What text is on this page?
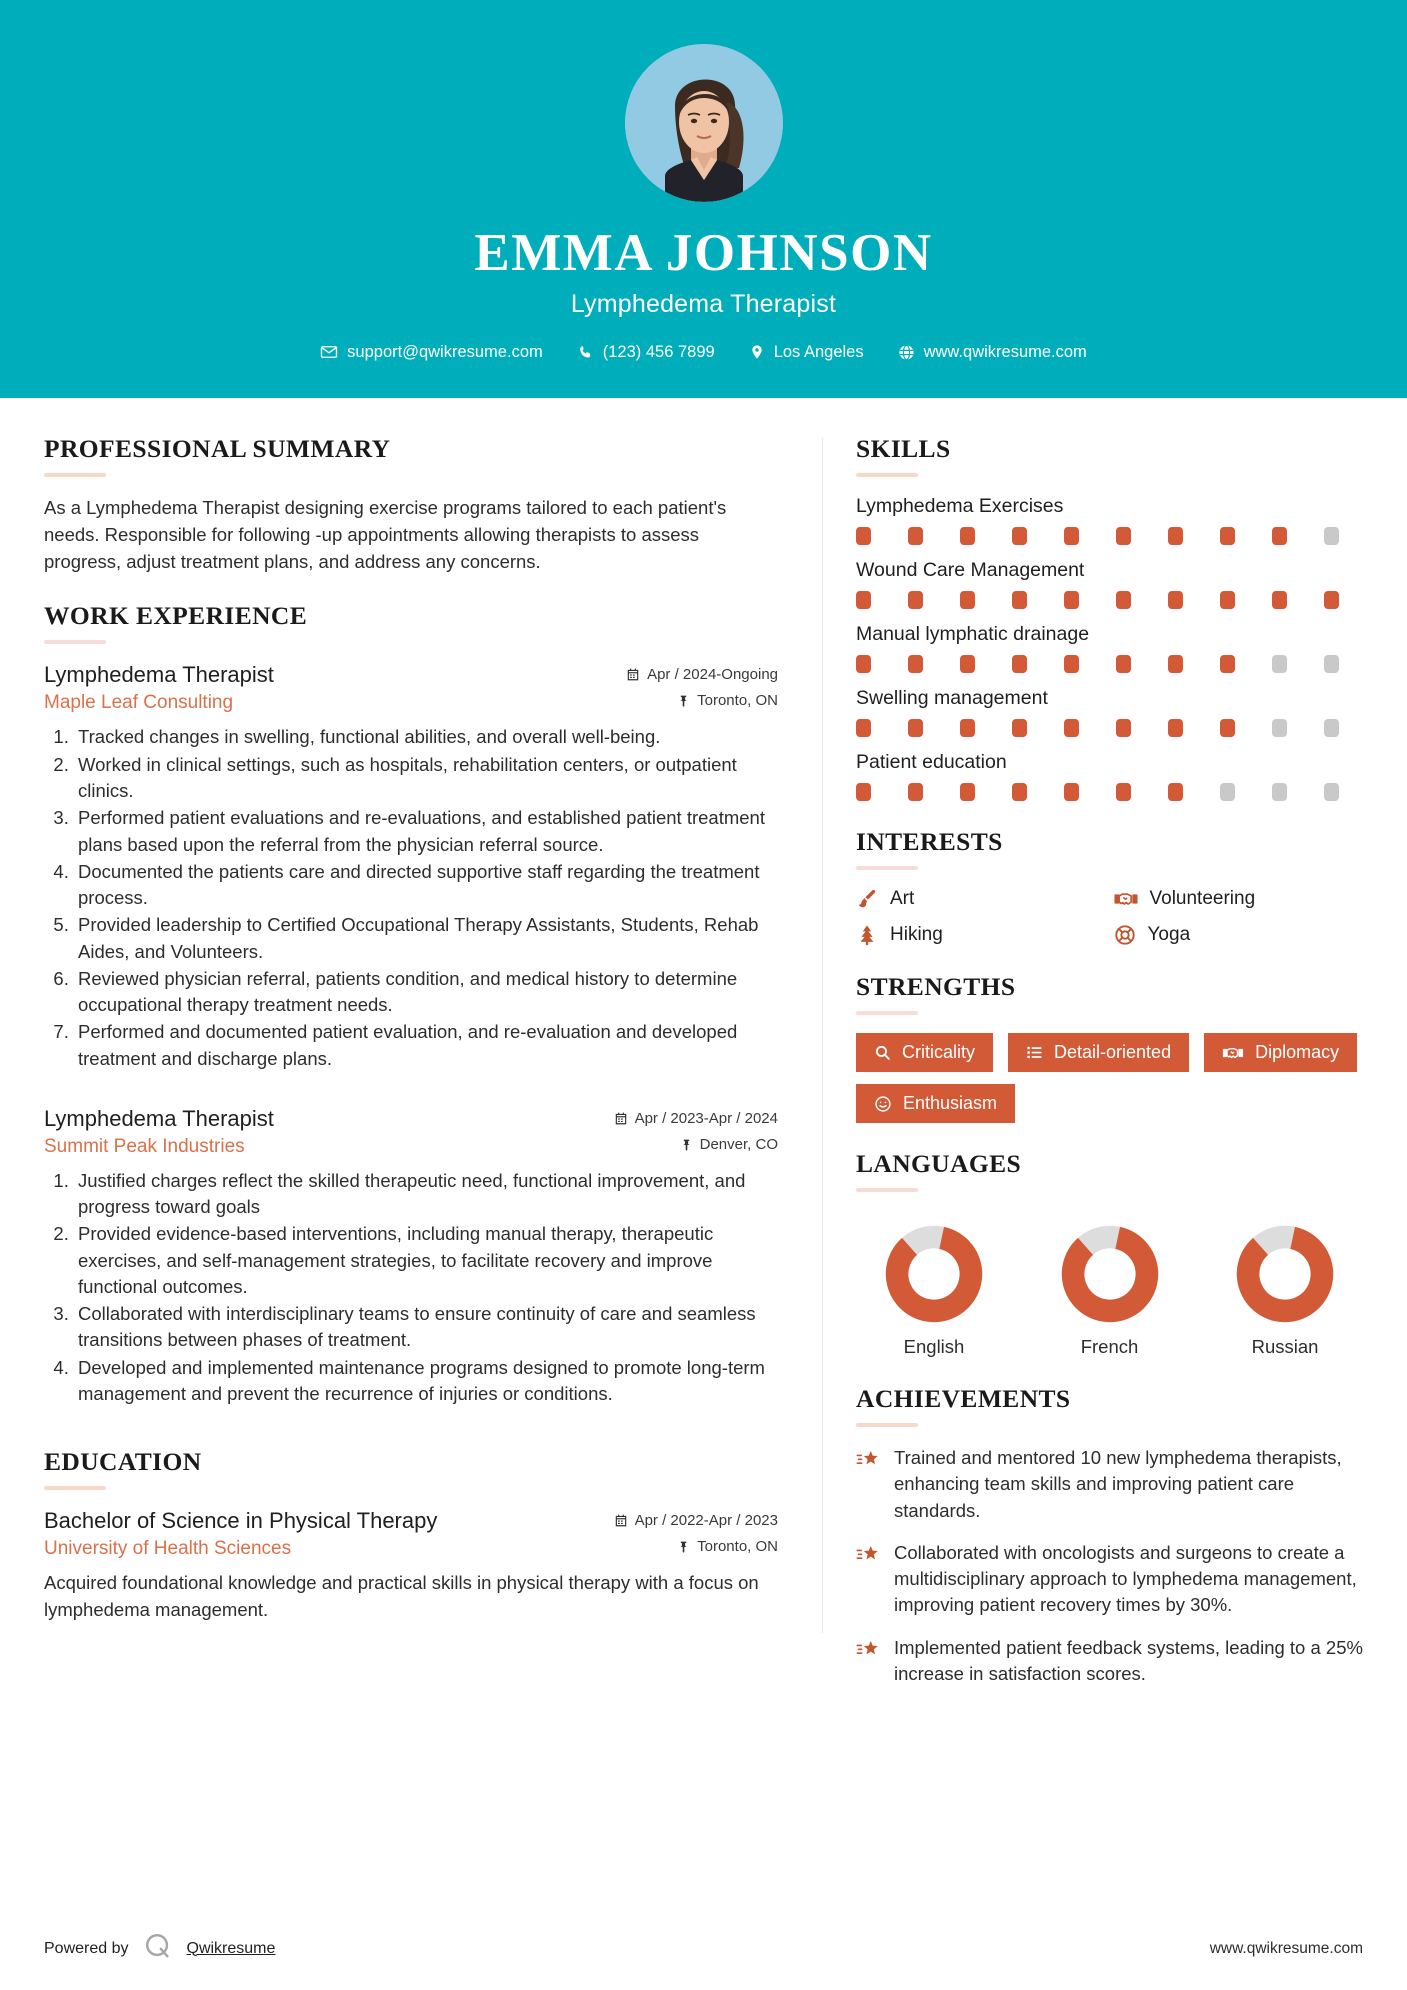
EMMA JOHNSON
Lymphedema Therapist
support@qwikresume.com	(123) 456 7899	Los Angeles	www.qwikresume.com
PROFESSIONAL SUMMARY
As a Lymphedema Therapist designing exercise programs tailored to each patient's needs. Responsible for following -up appointments allowing therapists to assess progress, adjust treatment plans, and address any concerns.
WORK EXPERIENCE
Lymphedema Therapist	Apr / 2024-Ongoing
Maple Leaf Consulting	Toronto, ON
1. Tracked changes in swelling, functional abilities, and overall well-being.
2. Worked in clinical settings, such as hospitals, rehabilitation centers, or outpatient clinics.
3. Performed patient evaluations and re-evaluations, and established patient treatment plans based upon the referral from the physician referral source.
4. Documented the patients care and directed supportive staff regarding the treatment process.
5. Provided leadership to Certified Occupational Therapy Assistants, Students, Rehab Aides, and Volunteers.
6. Reviewed physician referral, patients condition, and medical history to determine occupational therapy treatment needs.
7. Performed and documented patient evaluation, and re-evaluation and developed treatment and discharge plans.
Lymphedema Therapist	Apr / 2023-Apr / 2024
Summit Peak Industries	Denver, CO
1. Justified charges reflect the skilled therapeutic need, functional improvement, and progress toward goals
2. Provided evidence-based interventions, including manual therapy, therapeutic exercises, and self-management strategies, to facilitate recovery and improve functional outcomes.
3. Collaborated with interdisciplinary teams to ensure continuity of care and seamless transitions between phases of treatment.
4. Developed and implemented maintenance programs designed to promote long-term management and prevent the recurrence of injuries or conditions.
EDUCATION
Bachelor of Science in Physical Therapy	Apr / 2022-Apr / 2023
University of Health Sciences	Toronto, ON
Acquired foundational knowledge and practical skills in physical therapy with a focus on lymphedema management.
SKILLS
Lymphedema Exercises
Wound Care Management
Manual lymphatic drainage
Swelling management
Patient education
INTERESTS
Art	Volunteering
Hiking	Yoga
STRENGTHS
Criticality	Detail-oriented	Diplomacy
Enthusiasm
LANGUAGES
English	French	Russian
ACHIEVEMENTS
Trained and mentored 10 new lymphedema therapists, enhancing team skills and improving patient care standards.
Collaborated with oncologists and surgeons to create a multidisciplinary approach to lymphedema management, improving patient recovery times by 30%.
Implemented patient feedback systems, leading to a 25% increase in satisfaction scores.
Powered by	Qwikresume	www.qwikresume.com
